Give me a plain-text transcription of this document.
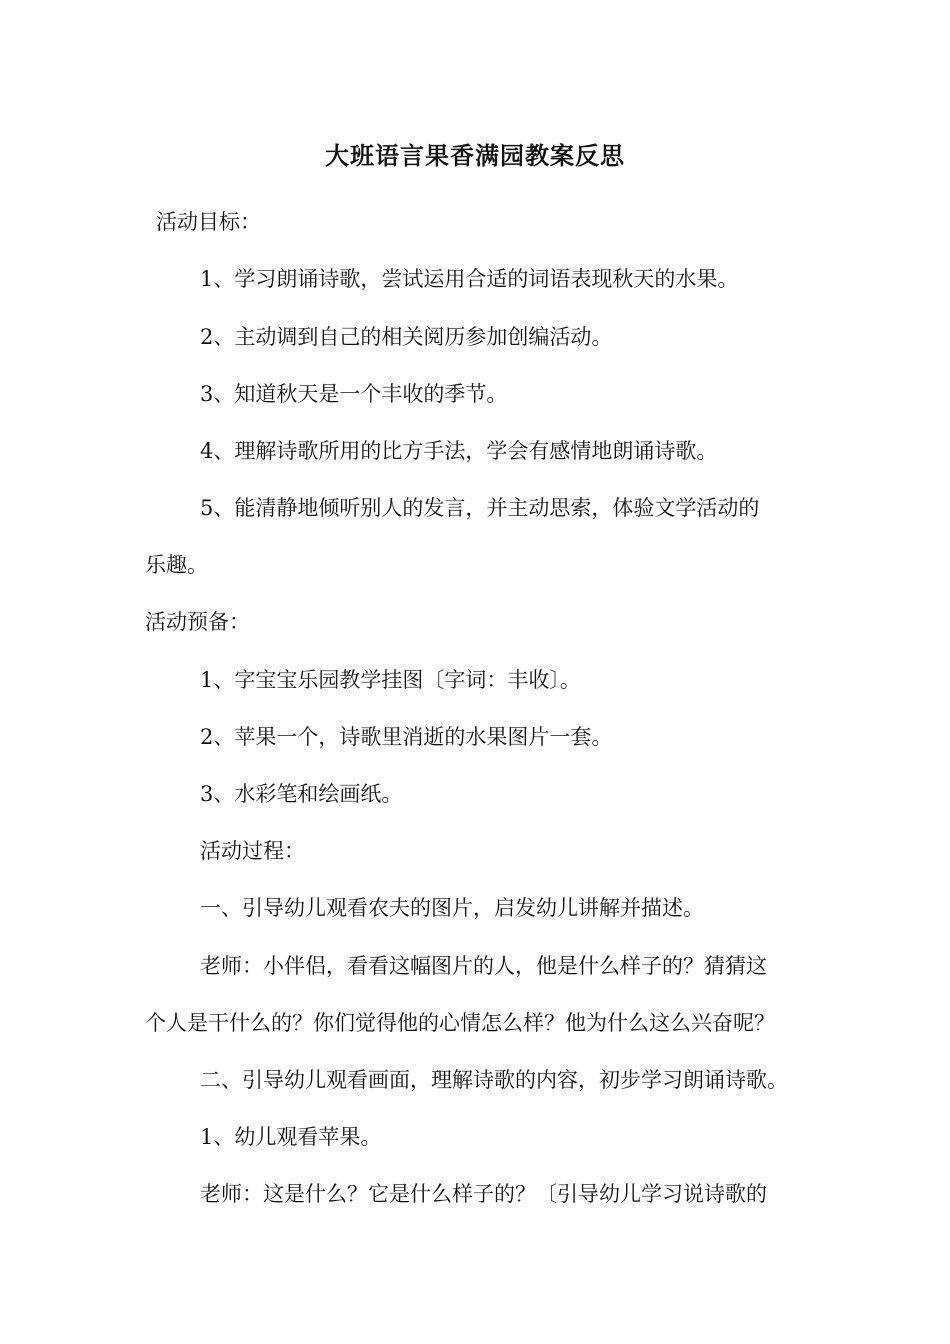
大班语言果香满园教案反思
活动目标：
1、学习朗诵诗歌，尝试运用合适的词语表现秋天的水果。
2、主动调到自己的相关阅历参加创编活动。
3、知道秋天是一个丰收的季节。
4、理解诗歌所用的比方手法，学会有感情地朗诵诗歌。
5、能清静地倾听别人的发言，并主动思索，体验文学活动的
乐趣。
活动预备：
1、字宝宝乐园教学挂图〔字词：丰收〕。
2、苹果一个，诗歌里消逝的水果图片一套。
3、水彩笔和绘画纸。
活动过程：
一、引导幼儿观看农夫的图片，启发幼儿讲解并描述。
老师：小伴侣，看看这幅图片的人，他是什么样子的？猜猜这
个人是干什么的？你们觉得他的心情怎么样？他为什么这么兴奋呢？
二、引导幼儿观看画面，理解诗歌的内容，初步学习朗诵诗歌。
1、幼儿观看苹果。
老师：这是什么？它是什么样子的？〔引导幼儿学习说诗歌的
